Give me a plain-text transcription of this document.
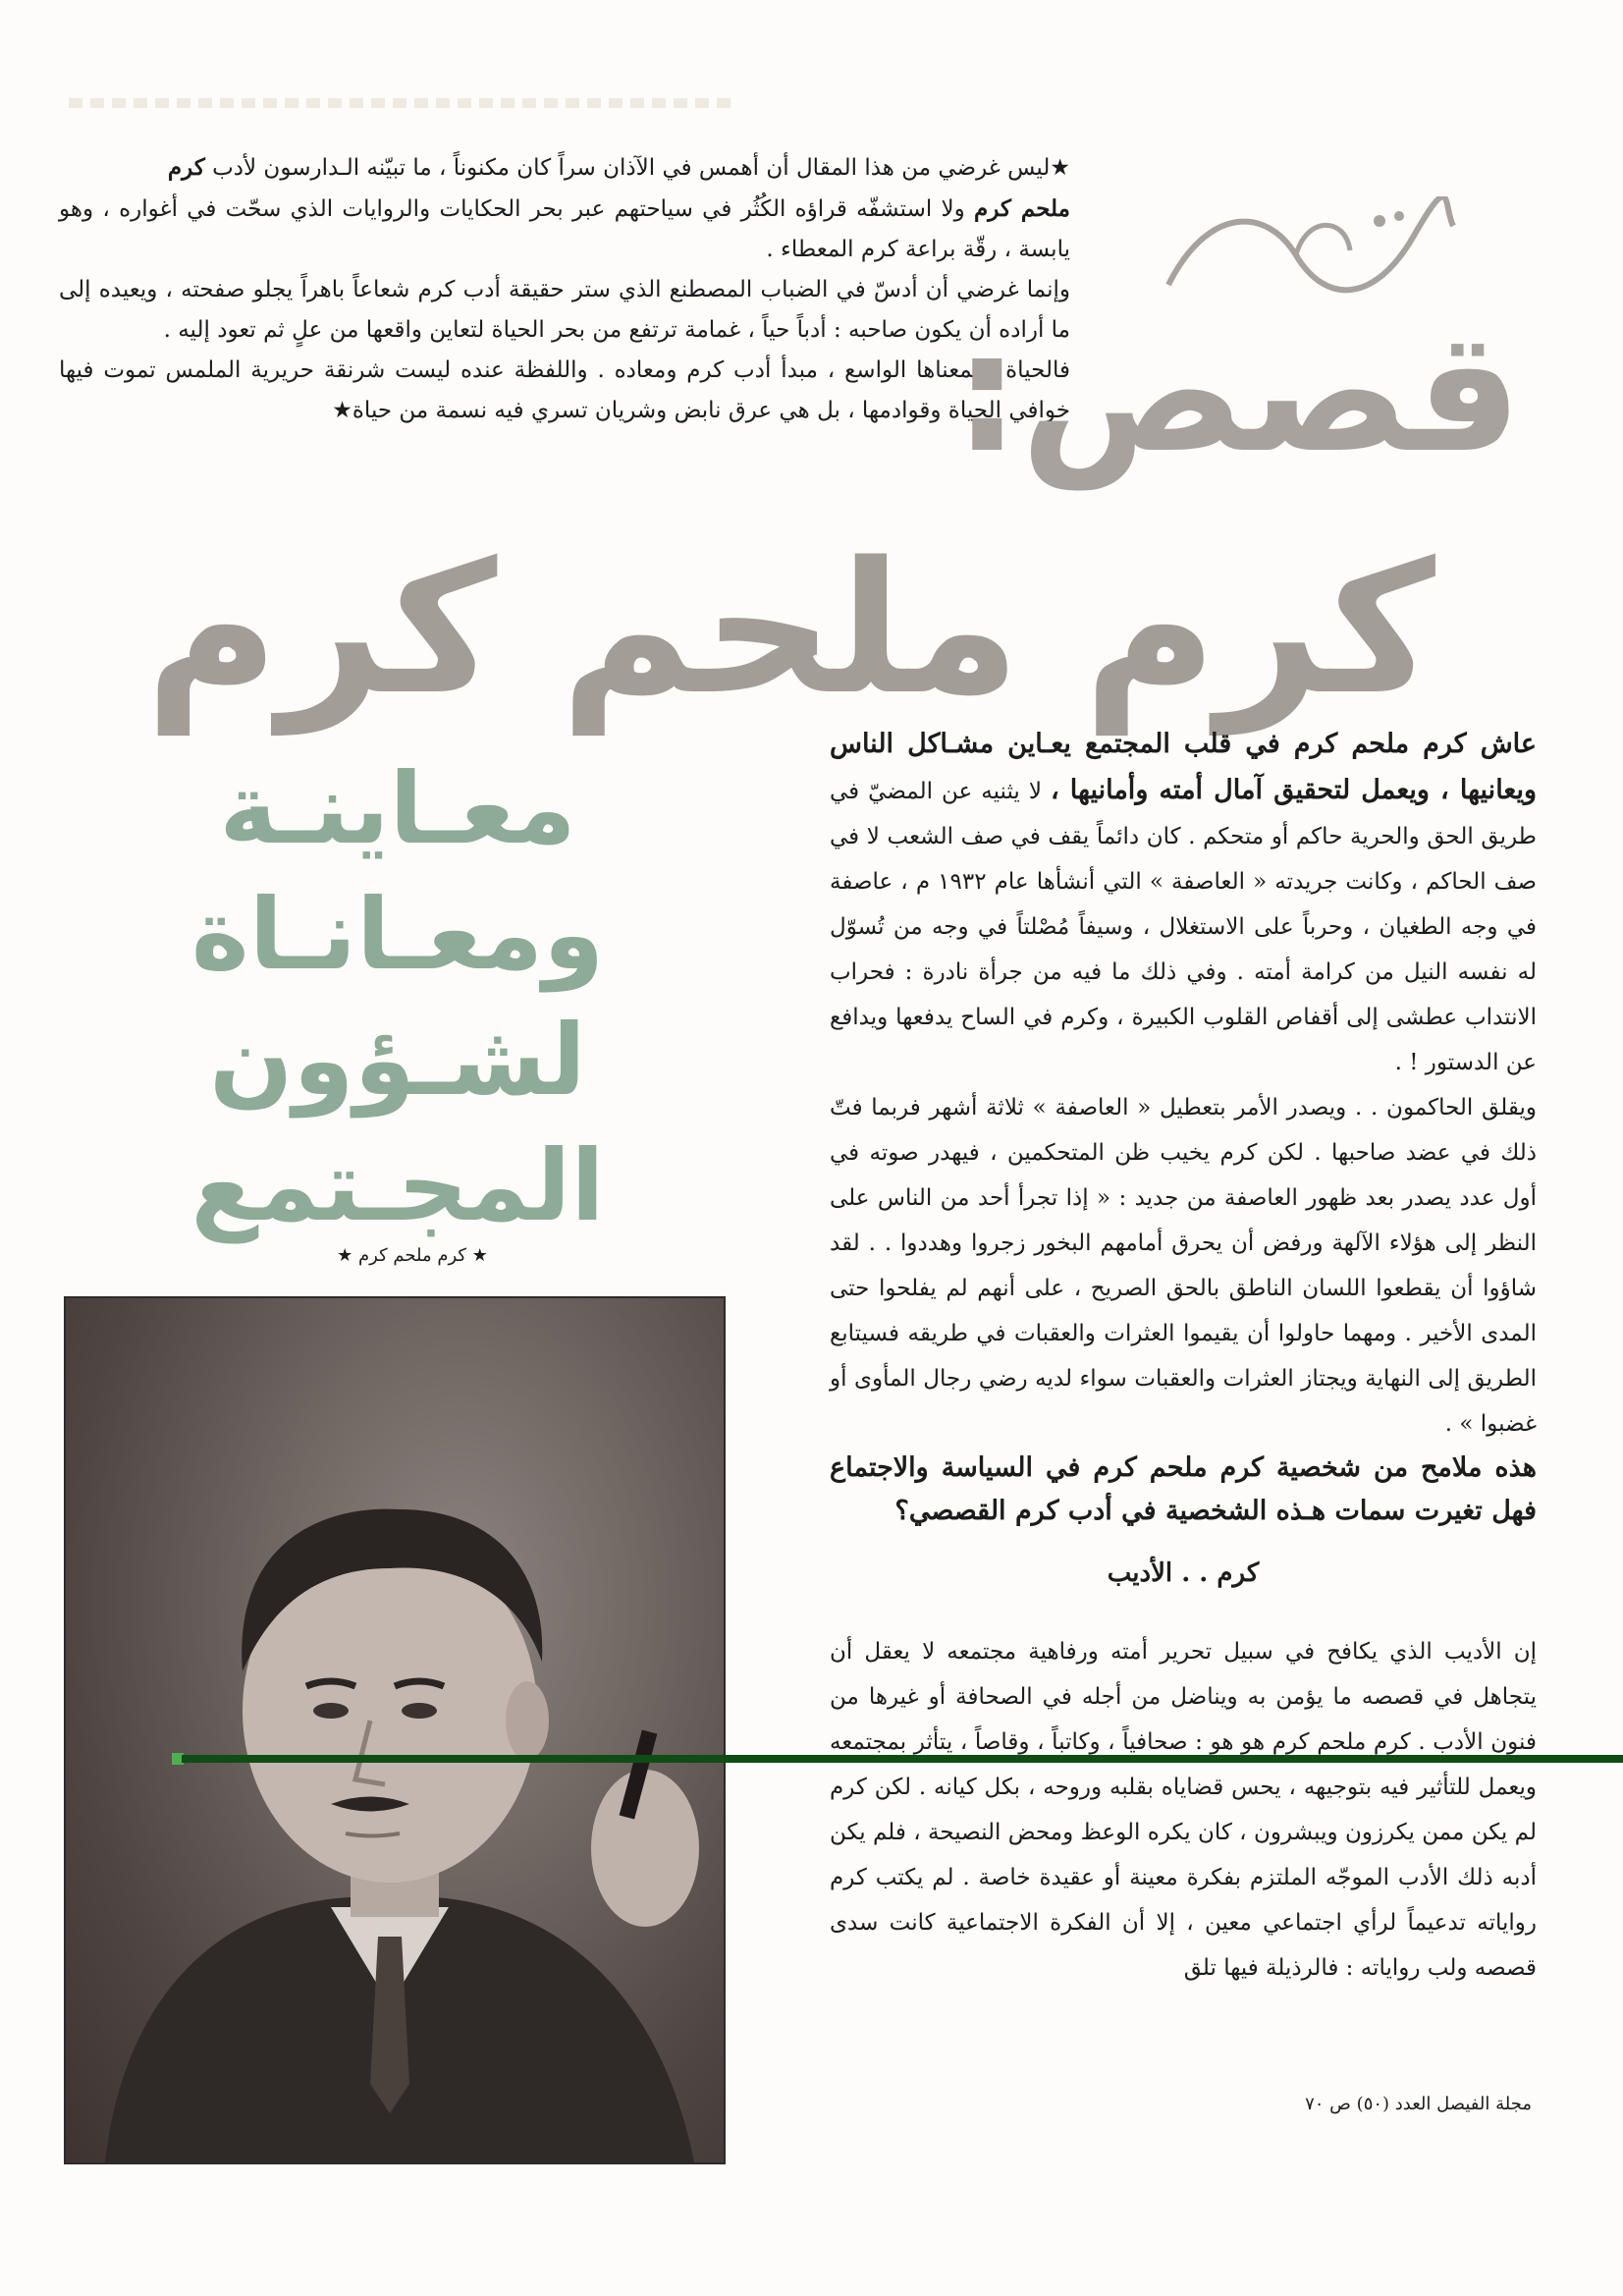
★ليس غرضي من هذا المقال أن أهمس في الآذان سراً كان مكنوناً ، ما تبيّنه الـدارسون لأدب كرم
ملحم كرم ولا استشفّه قراؤه الكُثُر في سياحتهم عبر بحر الحكايات والروايات الذي سحّت في أغواره ، وهو يابسة ، رقّة براعة كرم المعطاء .

وإنما غرضي أن أدسّ في الضباب المصطنع الذي ستر حقيقة أدب كرم شعاعاً باهراً يجلو صفحته ، ويعيده إلى ما أراده أن يكون صاحبه : أدباً حياً ، غمامة ترتفع من بحر الحياة لتعاين واقعها من علٍ ثم تعود إليه .

فالحياة ، بمعناها الواسع ، مبدأ أدب كرم ومعاده . واللفظة عنده ليست شرنقة حريرية الملمس تموت فيها خوافي الحياة وقوادمها ، بل هي عرق نابض وشريان تسري فيه نسمة من حياة★

قصص:
كرم ملحم كرم
معـاينـة
ومعـانـاة
لشـؤون
المجـتمع
★ كرم ملحم كرم ★

عاش كرم ملحم كرم في قلب المجتمع يعـاين مشـاكل الناس ويعانيها ، ويعمل لتحقيق آمال أمته وأمانيها ، لا يثنيه عن المضيّ في طريق الحق والحرية حاكم أو متحكم . كان دائماً يقف في صف الشعب لا في صف الحاكم ، وكانت جريدته « العاصفة » التي أنشأها عام ١٩٣٢ م ، عاصفة في وجه الطغيان ، وحرباً على الاستغلال ، وسيفاً مُصْلتاً في وجه من تُسوّل له نفسه النيل من كرامة أمته . وفي ذلك ما فيه من جرأة نادرة : فحراب الانتداب عطشى إلى أقفاص القلوب الكبيرة ، وكرم في الساح يدفعها ويدافع عن الدستور ! .

ويقلق الحاكمون . . ويصدر الأمر بتعطيل « العاصفة » ثلاثة أشهر فربما فتّ ذلك في عضد صاحبها . لكن كرم يخيب ظن المتحكمين ، فيهدر صوته في أول عدد يصدر بعد ظهور العاصفة من جديد : « إذا تجرأ أحد من الناس على النظر إلى هؤلاء الآلهة ورفض أن يحرق أمامهم البخور زجروا وهددوا . . لقد شاؤوا أن يقطعوا اللسان الناطق بالحق الصريح ، على أنهم لم يفلحوا حتى المدى الأخير . ومهما حاولوا أن يقيموا العثرات والعقبات في طريقه فسيتابع الطريق إلى النهاية ويجتاز العثرات والعقبات سواء لديه رضي رجال المأوى أو غضبوا » .

هذه ملامح من شخصية كرم ملحم كرم في السياسة والاجتماع فهل تغيرت سمات هـذه الشخصية في أدب كرم القصصي؟

كرم . . الأديب

إن الأديب الذي يكافح في سبيل تحرير أمته ورفاهية مجتمعه لا يعقل أن يتجاهل في قصصه ما يؤمن به ويناضل من أجله في الصحافة أو غيرها من فنون الأدب . كرم ملحم كرم هو هو : صحافياً ، وكاتباً ، وقاصاً ، يتأثر بمجتمعه ويعمل للتأثير فيه بتوجيهه ، يحس قضاياه بقلبه وروحه ، بكل كيانه . لكن كرم لم يكن ممن يكرزون ويبشرون ، كان يكره الوعظ ومحض النصيحة ، فلم يكن أدبه ذلك الأدب الموجّه الملتزم بفكرة معينة أو عقيدة خاصة . لم يكتب كرم رواياته تدعيماً لرأي اجتماعي معين ، إلا أن الفكرة الاجتماعية كانت سدى قصصه ولب رواياته : فالرذيلة فيها تلق

مجلة الفيصل العدد (٥٠) ص ٧٠
